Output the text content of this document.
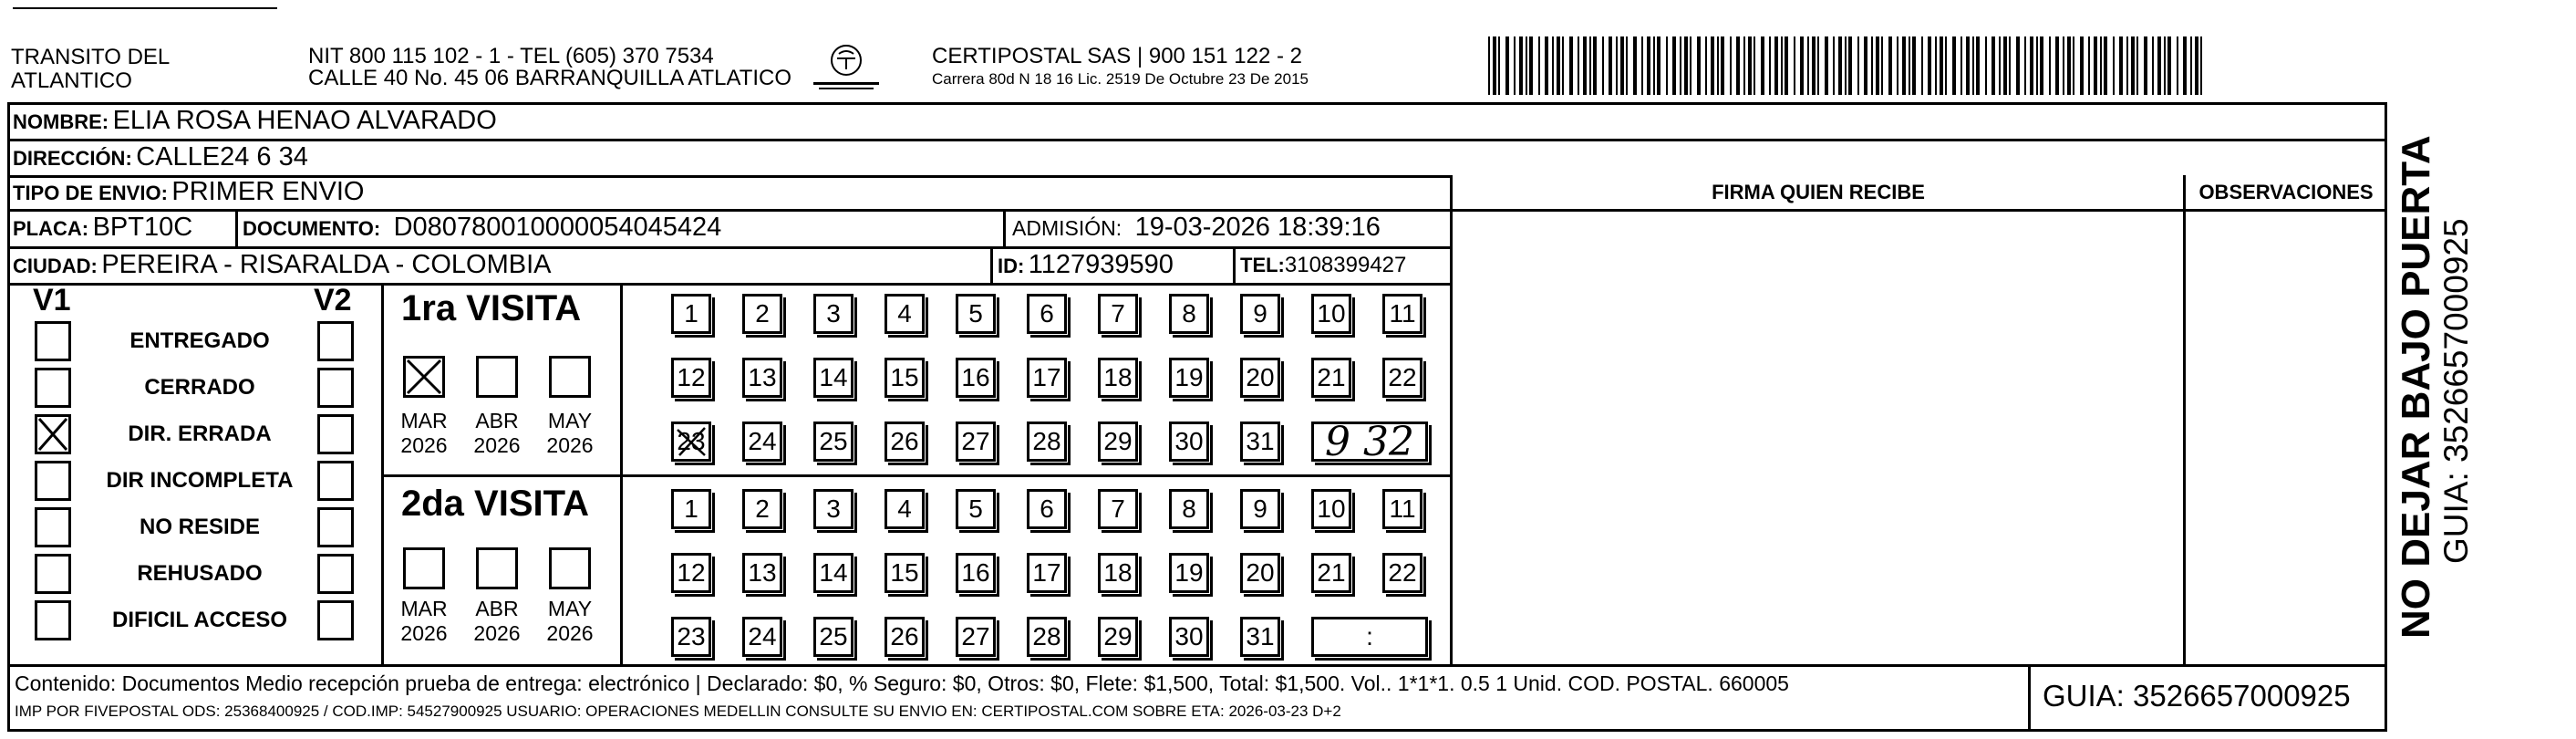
TRANSITO DEL ATLANTICO
NIT 800 115 102 - 1 - TEL (605) 370 7534
CALLE 40 No. 45 06 BARRANQUILLA ATLATICO
CERTIPOSTAL SAS | 900 151 122 - 2
Carrera 80d N 18 16 Lic. 2519 De Octubre 23 De 2015
NOMBRE: ELIA ROSA HENAO ALVARADO
DIRECCIÓN: CALLE24 6 34
TIPO DE ENVIO: PRIMER ENVIO
PLACA: BPT10C DOCUMENTO: D080780010000054045424	ADMISIÓN: 19-03-2026 18:39:16
CIUDAD: PEREIRA - RISARALDA - COLOMBIA	ID: 1127939590	TEL:3108399427
FIRMA QUIEN RECIBE	OBSERVACIONES
V1	V2 1ra VISITA
2da VISITA
ENTREGADO
CERRADO
DIR. ERRADA
DIR INCOMPLETA
NO RESIDE
REHUSADO
DIFICIL ACCESO
MAR
2026
ABR
2026
MAY
2026
MAR
2026
ABR
2026
MAY
2026
1	2	3	4	5	6	7	8	9	10 11
12 13 14 15 16 17 18 19 20 21 22
23 24 25 26 27 28 29 30 31	9 32
1	2	3	4	5	6	7	8	9	10 11
12 13 14 15 16 17 18 19 20 21 22
23 24 25 26 27 28 29 30 31	:	NO DEJAR BAJO PUERTA GUIA: 3526657000925
Contenido: Documentos Medio recepción prueba de entrega: electrónico | Declarado: $0, % Seguro: $0, Otros: $0, Flete: $1,500, Total: $1,500. Vol.. 1*1*1. 0.5 1 Unid. COD. POSTAL. 660005
IMP POR FIVEPOSTAL ODS: 25368400925 / COD.IMP: 54527900925 USUARIO: OPERACIONES MEDELLIN CONSULTE SU ENVIO EN: CERTIPOSTAL.COM SOBRE ETA: 2026-03-23 D+2	GUIA: 3526657000925
